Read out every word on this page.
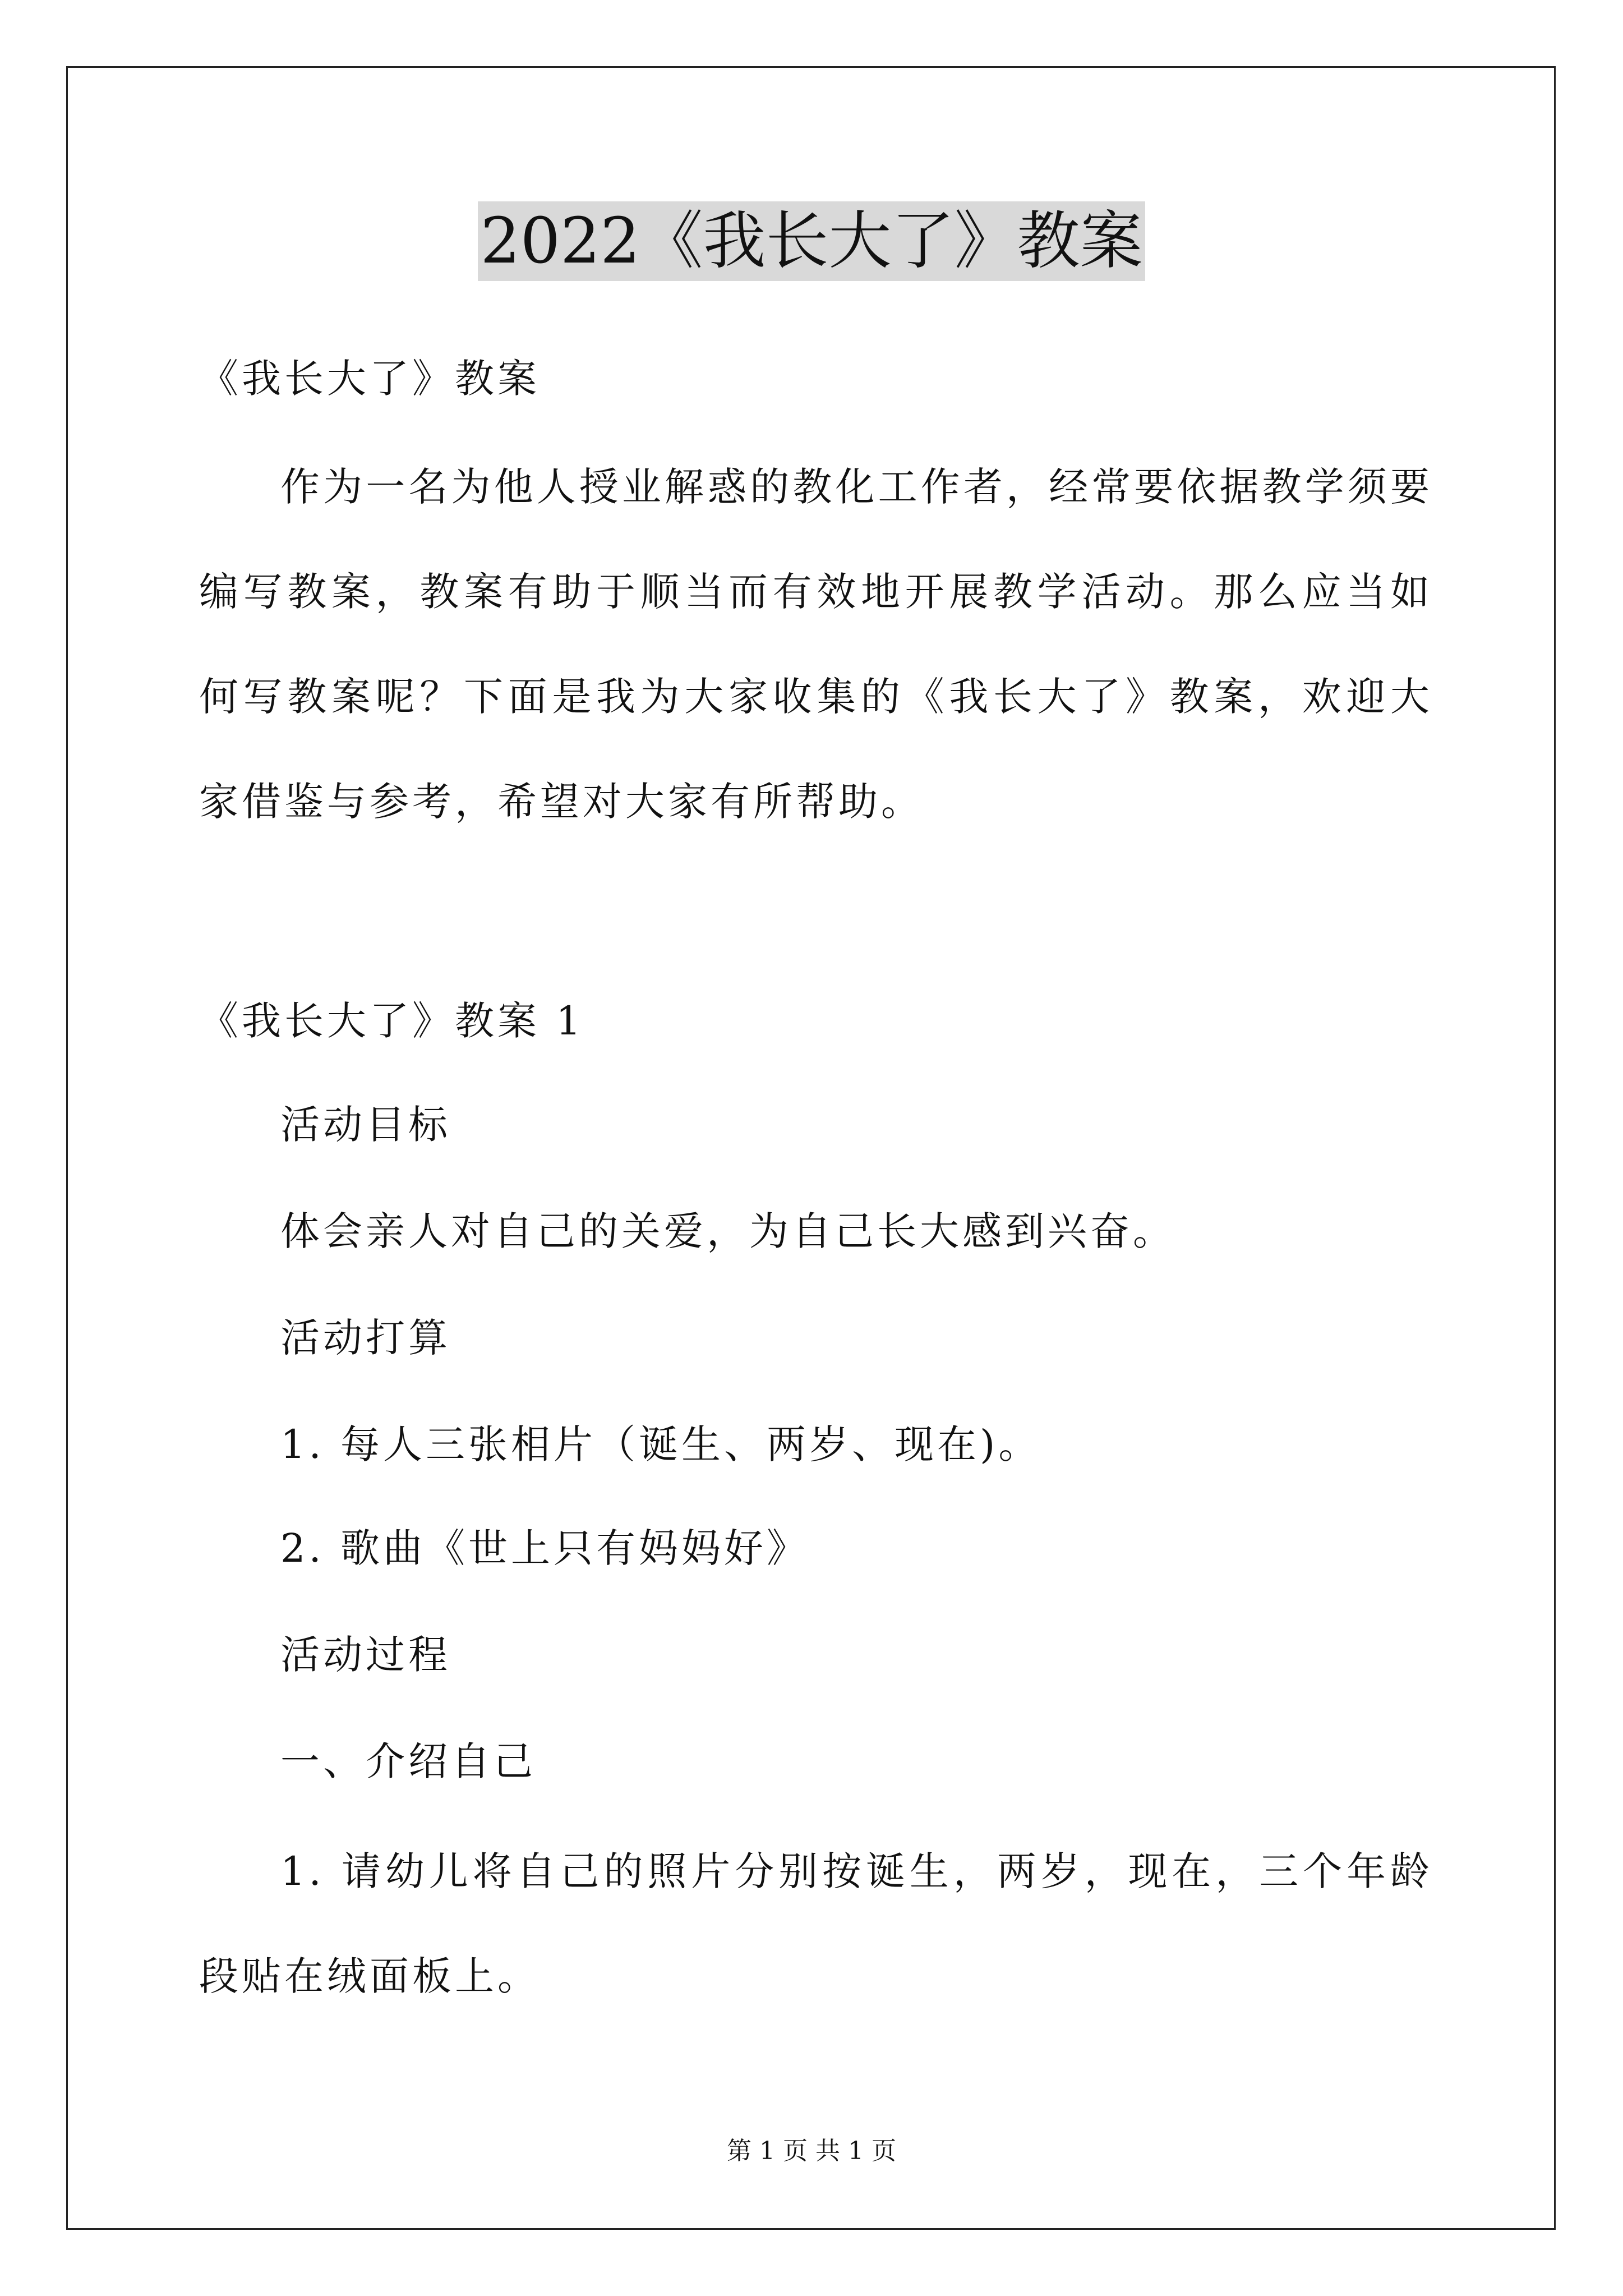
2022《我长大了》教案
《我长大了》教案
作为一名为他人授业解惑的教化工作者，经常要依据教学须要编写教案，教案有助于顺当而有效地开展教学活动。那么应当如何写教案呢？下面是我为大家收集的《我长大了》教案，欢迎大家借鉴与参考，希望对大家有所帮助。
《我长大了》教案 1
活动目标
体会亲人对自己的关爱，为自己长大感到兴奋。
活动打算
1. 每人三张相片（诞生、两岁、现在)。
2. 歌曲《世上只有妈妈好》
活动过程
一、介绍自己
1. 请幼儿将自己的照片分别按诞生，两岁，现在，三个年龄段贴在绒面板上。
第 1 页 共 1 页
